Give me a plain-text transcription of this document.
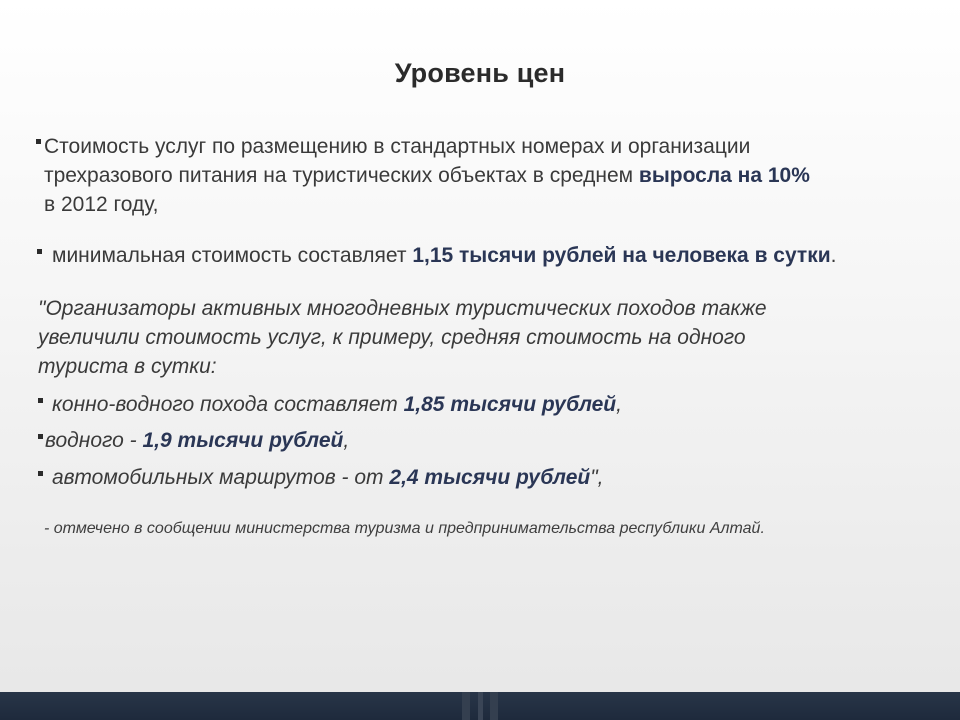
Уровень цен
Стоимость услуг по размещению в стандартных номерах и организации
трехразового питания на туристических объектах в среднем выросла на 10%
в 2012 году,
минимальная стоимость составляет 1,15 тысячи рублей на человека в сутки.
"Организаторы активных многодневных туристических походов также
увеличили стоимость услуг, к примеру, средняя стоимость на одного
туриста в сутки:
конно-водного похода составляет 1,85 тысячи рублей,
водного - 1,9 тысячи рублей,
автомобильных маршрутов - от 2,4 тысячи рублей",
- отмечено в сообщении министерства туризма и предпринимательства республики Алтай.
